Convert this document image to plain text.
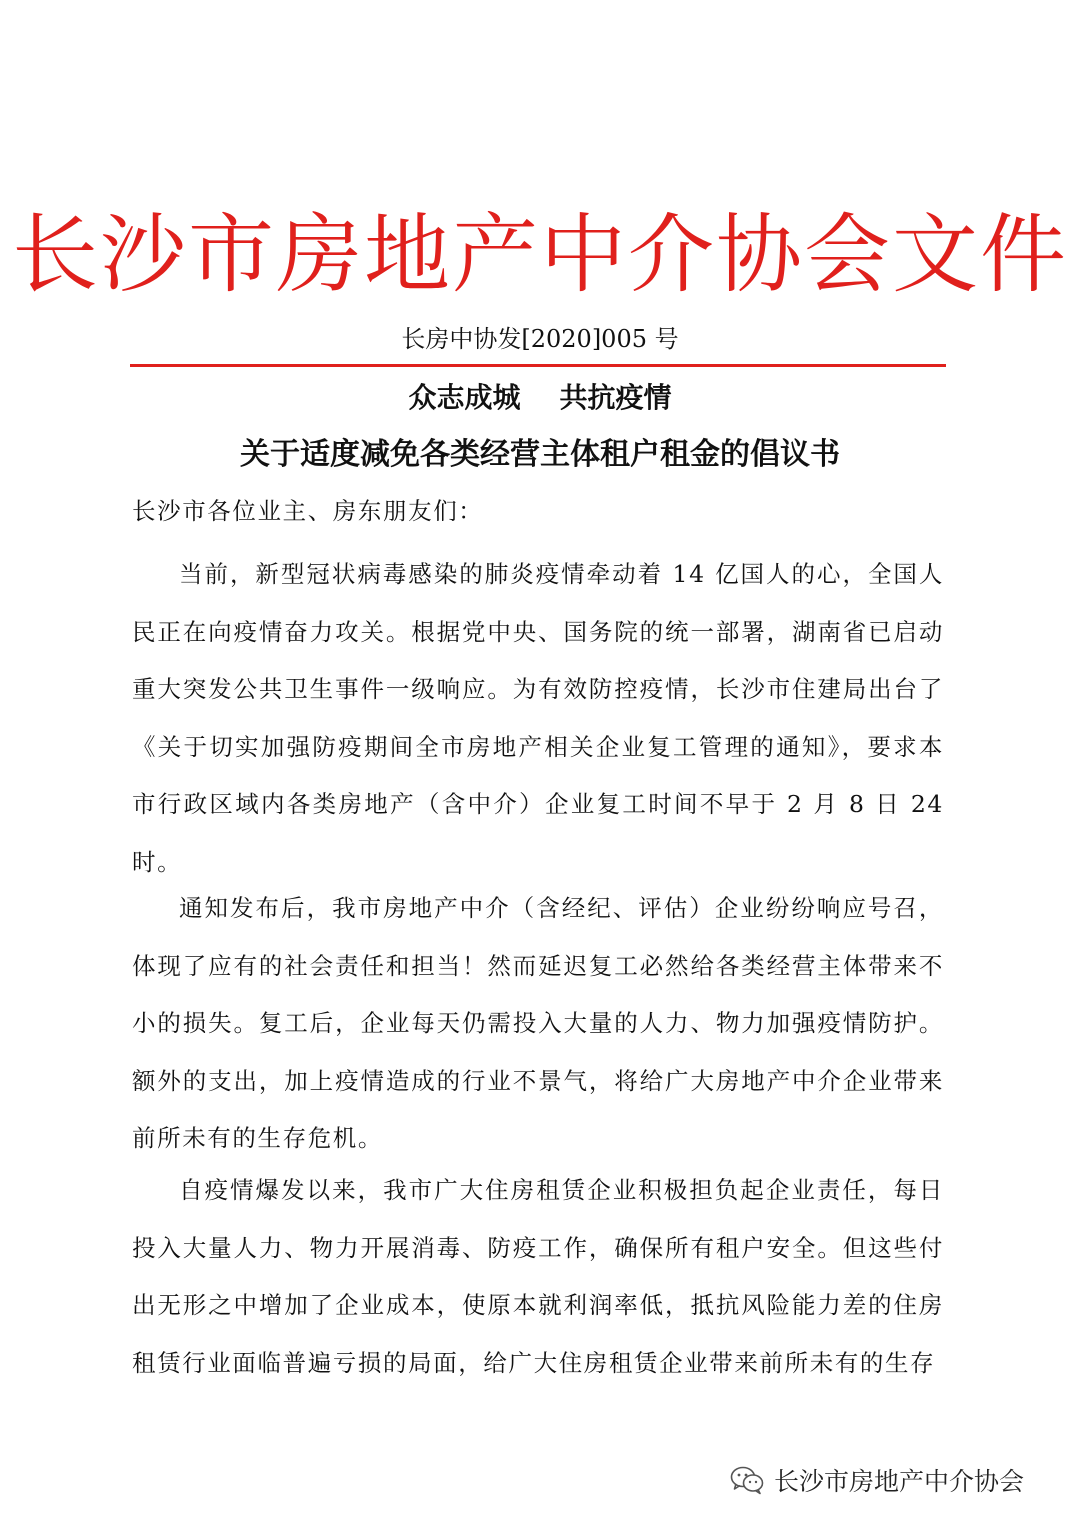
长沙市房地产中介协会文件
长房中协发[2020]005 号
众志成城    共抗疫情
关于适度减免各类经营主体租户租金的倡议书
长沙市各位业主、房东朋友们：

当前，新型冠状病毒感染的肺炎疫情牵动着 14 亿国人的心，全国人民正在向疫情奋力攻关。根据党中央、国务院的统一部署，湖南省已启动重大突发公共卫生事件一级响应。为有效防控疫情，长沙市住建局出台了《关于切实加强防疫期间全市房地产相关企业复工管理的通知》，要求本市行政区域内各类房地产（含中介）企业复工时间不早于 2 月 8 日 24 时。

通知发布后，我市房地产中介（含经纪、评估）企业纷纷响应号召，体现了应有的社会责任和担当！然而延迟复工必然给各类经营主体带来不小的损失。复工后，企业每天仍需投入大量的人力、物力加强疫情防护。额外的支出，加上疫情造成的行业不景气，将给广大房地产中介企业带来前所未有的生存危机。

自疫情爆发以来，我市广大住房租赁企业积极担负起企业责任，每日投入大量人力、物力开展消毒、防疫工作，确保所有租户安全。但这些付出无形之中增加了企业成本，使原本就利润率低，抵抗风险能力差的住房租赁行业面临普遍亏损的局面，给广大住房租赁企业带来前所未有的生存

长沙市房地产中介协会
